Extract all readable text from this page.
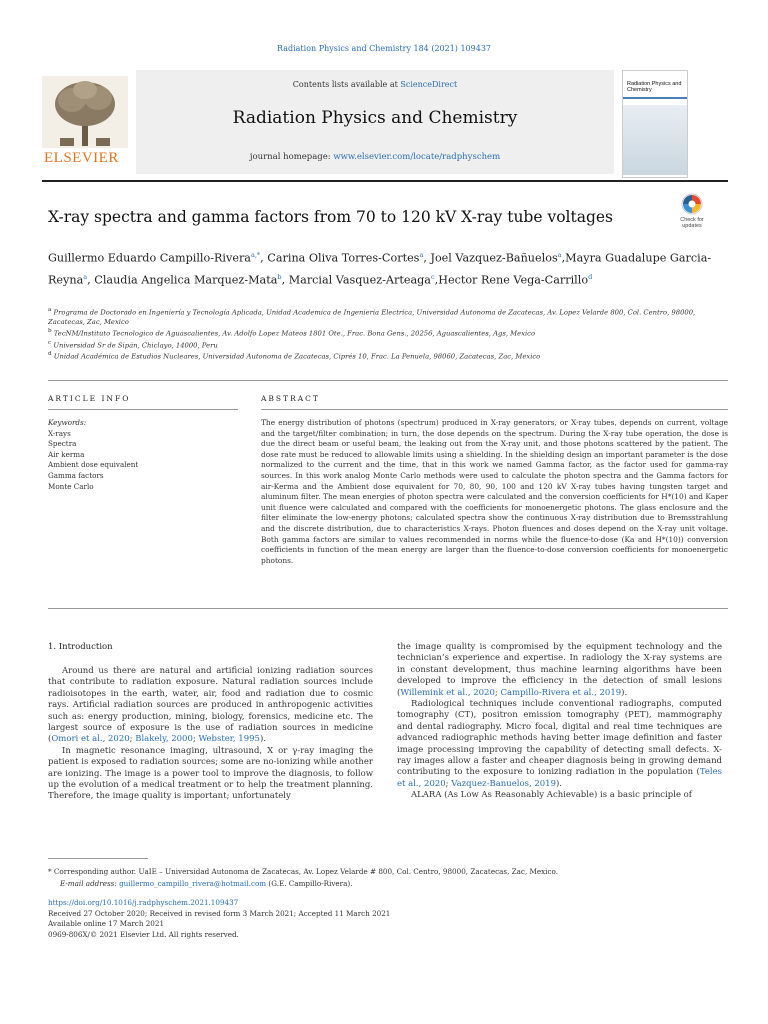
Radiation Physics and Chemistry 184 (2021) 109437
Contents lists available at ScienceDirect
Radiation Physics and Chemistry
journal homepage: www.elsevier.com/locate/radphyschem
ELSEVIER
Radiation Physics and Chemistry
X-ray spectra and gamma factors from 70 to 120 kV X-ray tube voltages	Check for
updates
Guillermo Eduardo Campillo-Rivera$^{a,*}$, Carina Oliva Torres-Cortes$^a$, Joel Vazquez-Bañuelos$^a$,Mayra Guadalupe Garcia-Reyna$^a$, Claudia Angelica Marquez-Mata$^b$, Marcial Vasquez-Arteaga$^c$,Hector Rene Vega-Carrillo$^d$
$^a$ Programa de Doctorado en Ingeniería y Tecnología Aplicada, Unidad Academica de Ingenieria Electrica, Universidad Autonoma de Zacatecas, Av. Lopez Velarde 800, Col. Centro, 98000, Zacatecas, Zac, Mexico
$^b$ TecNM/Instituto Tecnologico de Aguascalientes, Av. Adolfo Lopez Mateos 1801 Ote., Frac. Bona Gens., 20256, Aguascalientes, Ags, Mexico
$^c$ Universidad Sr de Sipán, Chiclayo, 14000, Peru
$^d$ Unidad Académica de Estudios Nucleares, Universidad Autonoma de Zacatecas, Ciprés 10, Frac. La Penuela, 98060, Zacatecas, Zac, Mexico
ARTICLE INFO
Keywords:
X-rays
Spectra
Air kerma
Ambient dose equivalent
Gamma factors
Monte Carlo
ABSTRACT
The energy distribution of photons (spectrum) produced in X-ray generators, or X-ray tubes, depends on current, voltage and the target/filter combination; in turn, the dose depends on the spectrum. During the X-ray tube operation, the dose is due the direct beam or useful beam, the leaking out from the X-ray unit, and those photons scattered by the patient. The dose rate must be reduced to allowable limits using a shielding. In the shielding design an important parameter is the dose normalized to the current and the time, that in this work we named Gamma factor, as the factor used for gamma-ray sources. In this work analog Monte Carlo methods were used to calculate the photon spectra and the Gamma factors for air-Kerma and the Ambient dose equivalent for 70, 80, 90, 100 and 120 kV X-ray tubes having tungsten target and aluminum filter. The mean energies of photon spectra were calculated and the conversion coefficients for H*(10) and Kaper unit fluence were calculated and compared with the coefficients for monoenergetic photons. The glass enclosure and the filter eliminate the low-energy photons; calculated spectra show the continuous X-ray distribution due to Bremsstrahlung and the discrete distribution, due to characteristics X-rays. Photon fluences and doses depend on the X-ray unit voltage. Both gamma factors are similar to values recommended in norms while the fluence-to-dose (Ka and H*(10)) conversion coefficients in function of the mean energy are larger than the fluence-to-dose conversion coefficients for monoenergetic photons.
1. Introduction

Around us there are natural and artificial ionizing radiation sources that contribute to radiation exposure. Natural radiation sources include radioisotopes in the earth, water, air, food and radiation due to cosmic rays. Artificial radiation sources are produced in anthropogenic activities such as: energy production, mining, biology, forensics, medicine etc. The largest source of exposure is the use of radiation sources in medicine (Omori et al., 2020; Blakely, 2000; Webster, 1995).

In magnetic resonance imaging, ultrasound, X or γ-ray imaging the patient is exposed to radiation sources; some are no-ionizing while another are ionizing. The image is a power tool to improve the diagnosis, to follow up the evolution of a medical treatment or to help the treatment planning. Therefore, the image quality is important; unfortunately

the image quality is compromised by the equipment technology and the technician’s experience and expertise. In radiology the X-ray systems are in constant development, thus machine learning algorithms have been developed to improve the efficiency in the detection of small lesions (Willemink et al., 2020; Campillo-Rivera et al., 2019).

Radiological techniques include conventional radiographs, computed tomography (CT), positron emission tomography (PET), mammography and dental radiography. Micro focal, digital and real time techniques are advanced radiographic methods having better image definition and faster image processing improving the capability of detecting small defects. X-ray images allow a faster and cheaper diagnosis being in growing demand contributing to the exposure to ionizing radiation in the population (Teles et al., 2020; Vazquez-Banuelos, 2019).

ALARA (As Low As Reasonably Achievable) is a basic principle of

* Corresponding author. UaIE – Universidad Autonoma de Zacatecas, Av. Lopez Velarde # 800, Col. Centro, 98000, Zacatecas, Zac, Mexico.
E-mail address: guillermo_campillo_rivera@hotmail.com (G.E. Campillo-Rivera).
https://doi.org/10.1016/j.radphyschem.2021.109437
Received 27 October 2020; Received in revised form 3 March 2021; Accepted 11 March 2021
Available online 17 March 2021
0969-806X/© 2021 Elsevier Ltd. All rights reserved.
